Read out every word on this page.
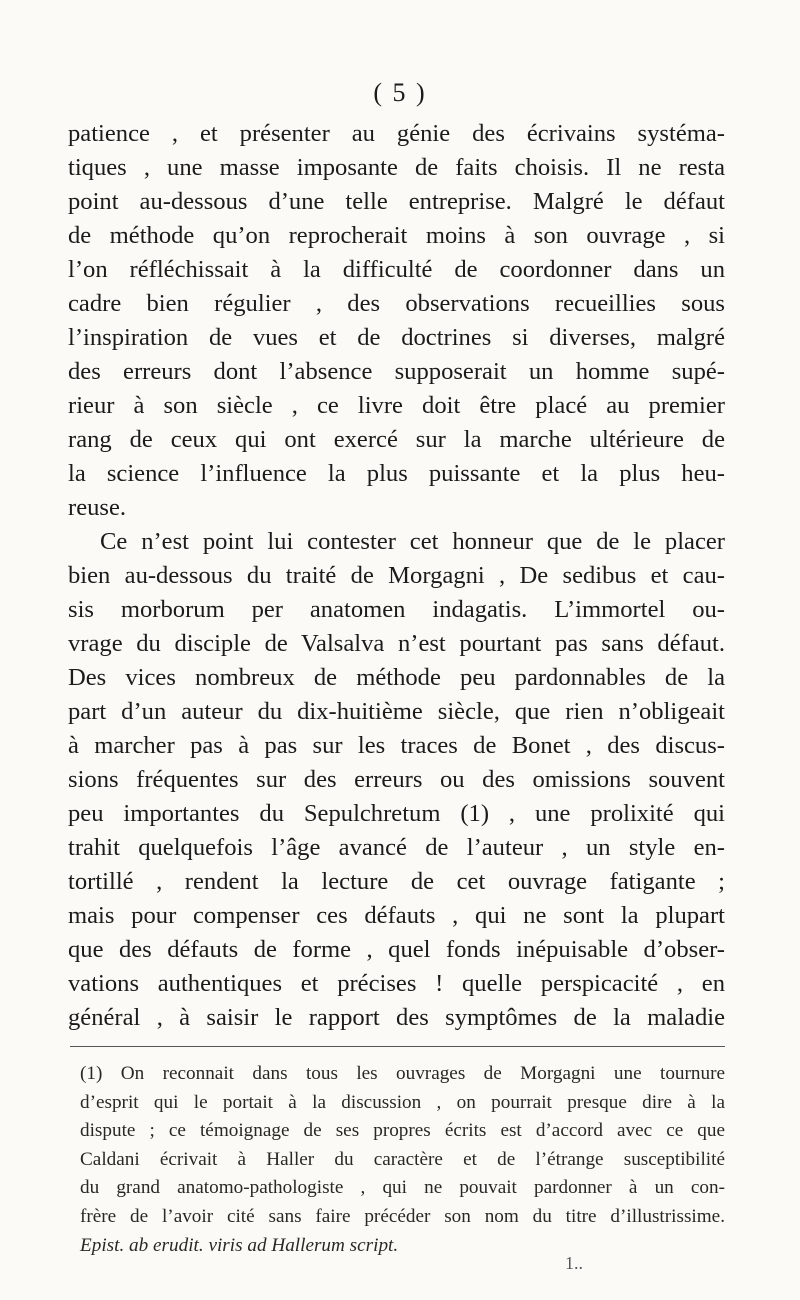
( 5 )
patience , et présenter au génie des écrivains systéma-
tiques , une masse imposante de faits choisis. Il ne resta
point au-dessous d’une telle entreprise. Malgré le défaut
de méthode qu’on reprocherait moins à son ouvrage , si
l’on réfléchissait à la difficulté de coordonner dans un
cadre bien régulier , des observations recueillies sous
l’inspiration de vues et de doctrines si diverses, malgré
des erreurs dont l’absence supposerait un homme supé-
rieur à son siècle , ce livre doit être placé au premier
rang de ceux qui ont exercé sur la marche ultérieure de
la science l’influence la plus puissante et la plus heu-
reuse.
Ce n’est point lui contester cet honneur que de le placer
bien au-dessous du traité de Morgagni , De sedibus et cau-
sis morborum per anatomen indagatis. L’immortel ou-
vrage du disciple de Valsalva n’est pourtant pas sans défaut.
Des vices nombreux de méthode peu pardonnables de la
part d’un auteur du dix-huitième siècle, que rien n’obligeait
à marcher pas à pas sur les traces de Bonet , des discus-
sions fréquentes sur des erreurs ou des omissions souvent
peu importantes du Sepulchretum (1) , une prolixité qui
trahit quelquefois l’âge avancé de l’auteur , un style en-
tortillé , rendent la lecture de cet ouvrage fatigante ;
mais pour compenser ces défauts , qui ne sont la plupart
que des défauts de forme , quel fonds inépuisable d’obser-
vations authentiques et précises ! quelle perspicacité , en
général , à saisir le rapport des symptômes de la maladie
(1) On reconnait dans tous les ouvrages de Morgagni une tournure
d’esprit qui le portait à la discussion , on pourrait presque dire à la
dispute ; ce témoignage de ses propres écrits est d’accord avec ce que
Caldani écrivait à Haller du caractère et de l’étrange susceptibilité
du grand anatomo-pathologiste , qui ne pouvait pardonner à un con-
frère de l’avoir cité sans faire précéder son nom du titre d’illustrissime.
Epist. ab erudit. viris ad Hallerum script.
1..
